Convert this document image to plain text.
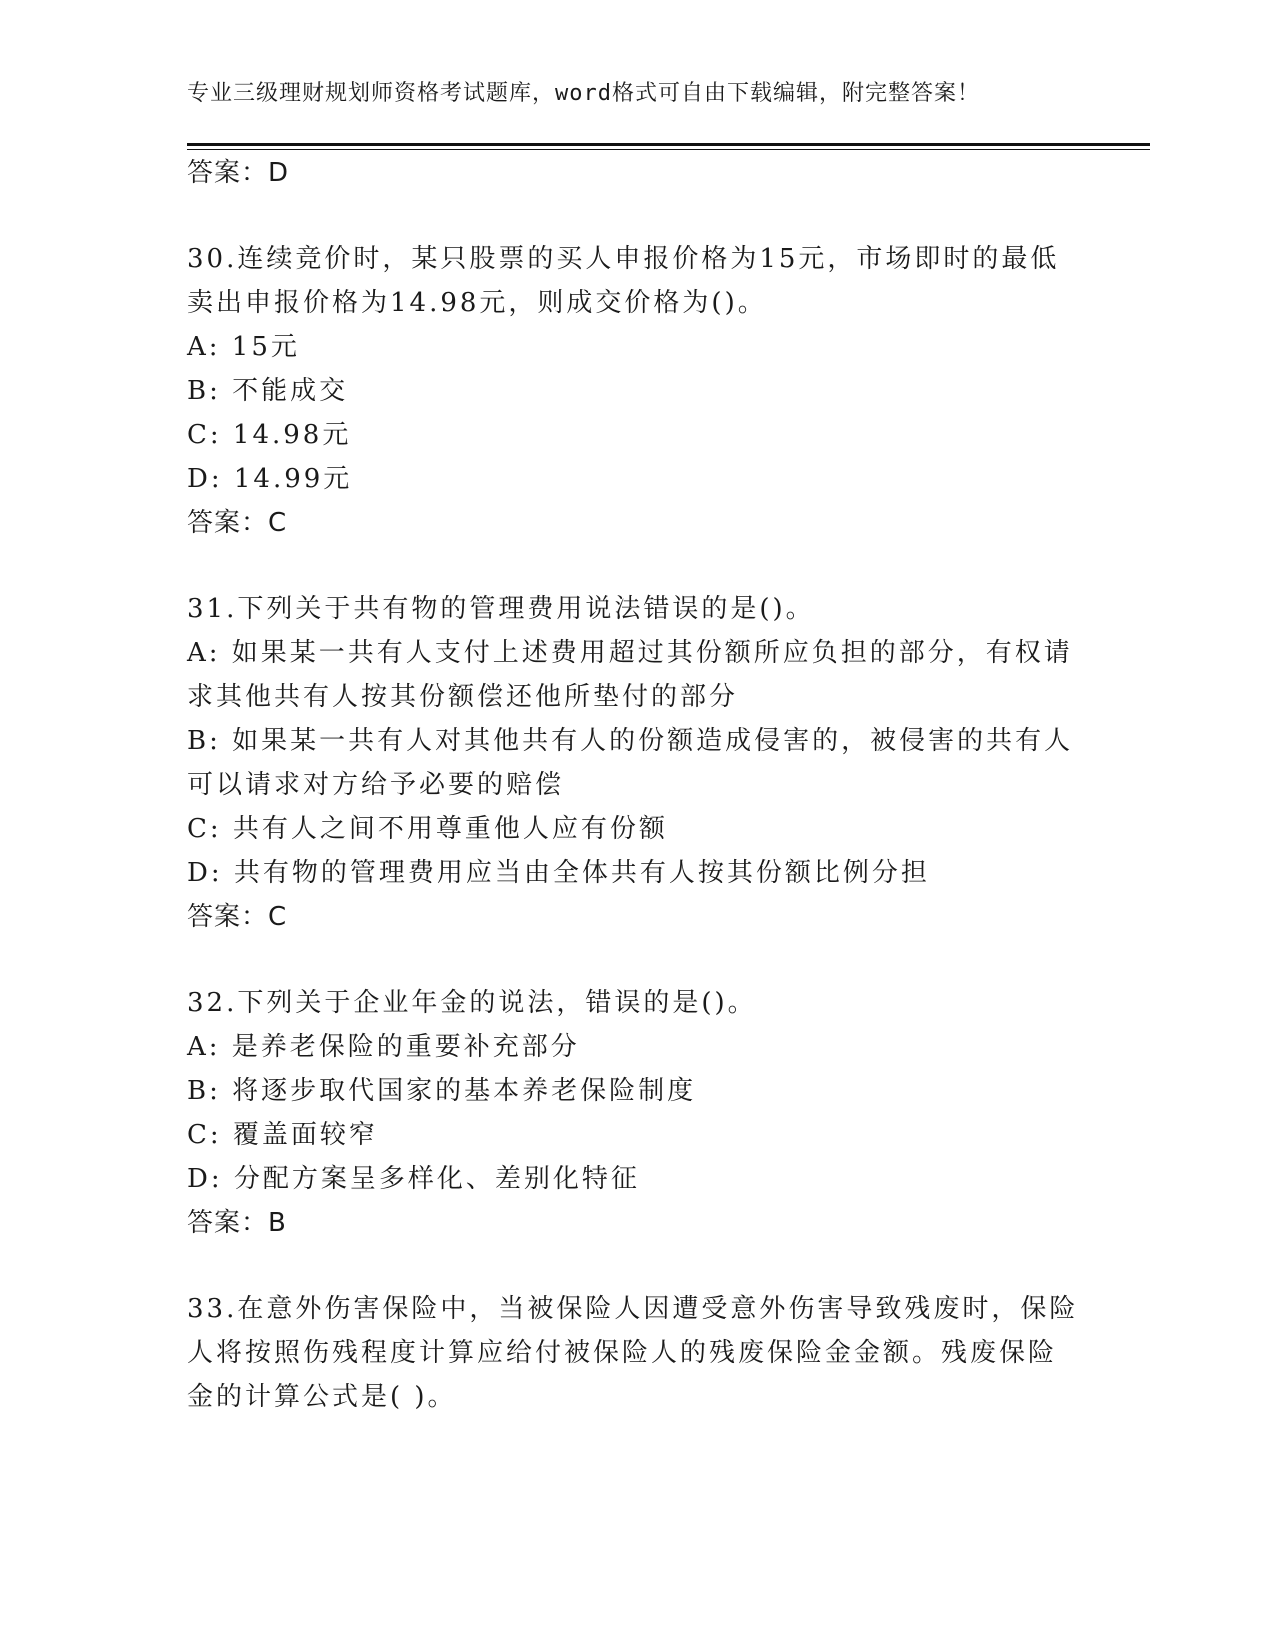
专业三级理财规划师资格考试题库，word格式可自由下载编辑，附完整答案！
答案：D
30.连续竞价时，某只股票的买人申报价格为15元，市场即时的最低
卖出申报价格为14.98元，则成交价格为()。
A: 15元
B: 不能成交
C: 14.98元
D: 14.99元
答案：C
31.下列关于共有物的管理费用说法错误的是()。
A: 如果某一共有人支付上述费用超过其份额所应负担的部分，有权请
求其他共有人按其份额偿还他所垫付的部分
B: 如果某一共有人对其他共有人的份额造成侵害的，被侵害的共有人
可以请求对方给予必要的赔偿
C: 共有人之间不用尊重他人应有份额
D: 共有物的管理费用应当由全体共有人按其份额比例分担
答案：C
32.下列关于企业年金的说法，错误的是()。
A: 是养老保险的重要补充部分
B: 将逐步取代国家的基本养老保险制度
C: 覆盖面较窄
D: 分配方案呈多样化、差别化特征
答案：B
33.在意外伤害保险中，当被保险人因遭受意外伤害导致残废时，保险
人将按照伤残程度计算应给付被保险人的残废保险金金额。残废保险
金的计算公式是( )。
